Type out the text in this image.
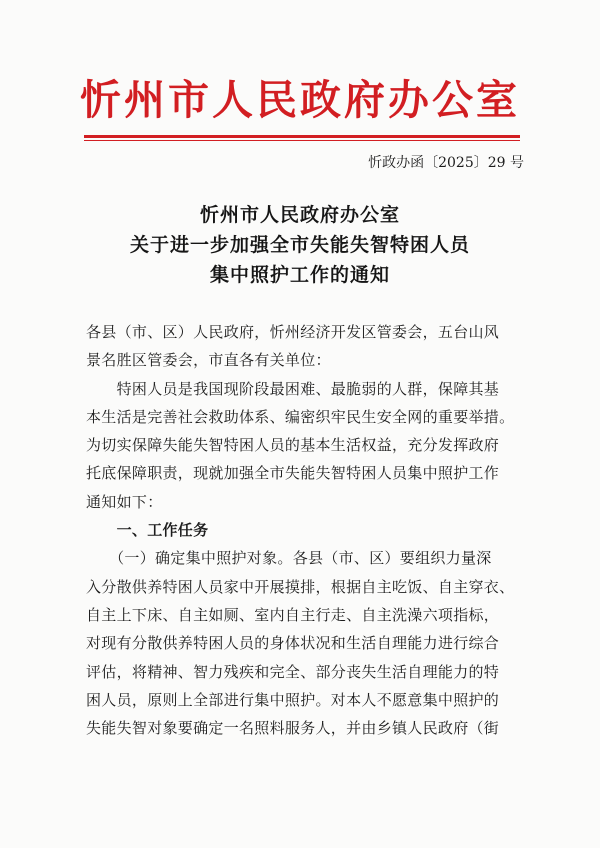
忻州市人民政府办公室
忻政办函〔2025〕29 号
忻州市人民政府办公室
关于进一步加强全市失能失智特困人员
集中照护工作的通知
各县（市、区）人民政府，忻州经济开发区管委会，五台山风
景名胜区管委会，市直各有关单位：
　　特困人员是我国现阶段最困难、最脆弱的人群，保障其基
本生活是完善社会救助体系、编密织牢民生安全网的重要举措。
为切实保障失能失智特困人员的基本生活权益，充分发挥政府
托底保障职责，现就加强全市失能失智特困人员集中照护工作
通知如下：
　　一、工作任务
　　（一）确定集中照护对象。各县（市、区）要组织力量深
入分散供养特困人员家中开展摸排，根据自主吃饭、自主穿衣、
自主上下床、自主如厕、室内自主行走、自主洗澡六项指标，
对现有分散供养特困人员的身体状况和生活自理能力进行综合
评估，将精神、智力残疾和完全、部分丧失生活自理能力的特
困人员，原则上全部进行集中照护。对本人不愿意集中照护的
失能失智对象要确定一名照料服务人，并由乡镇人民政府（街
